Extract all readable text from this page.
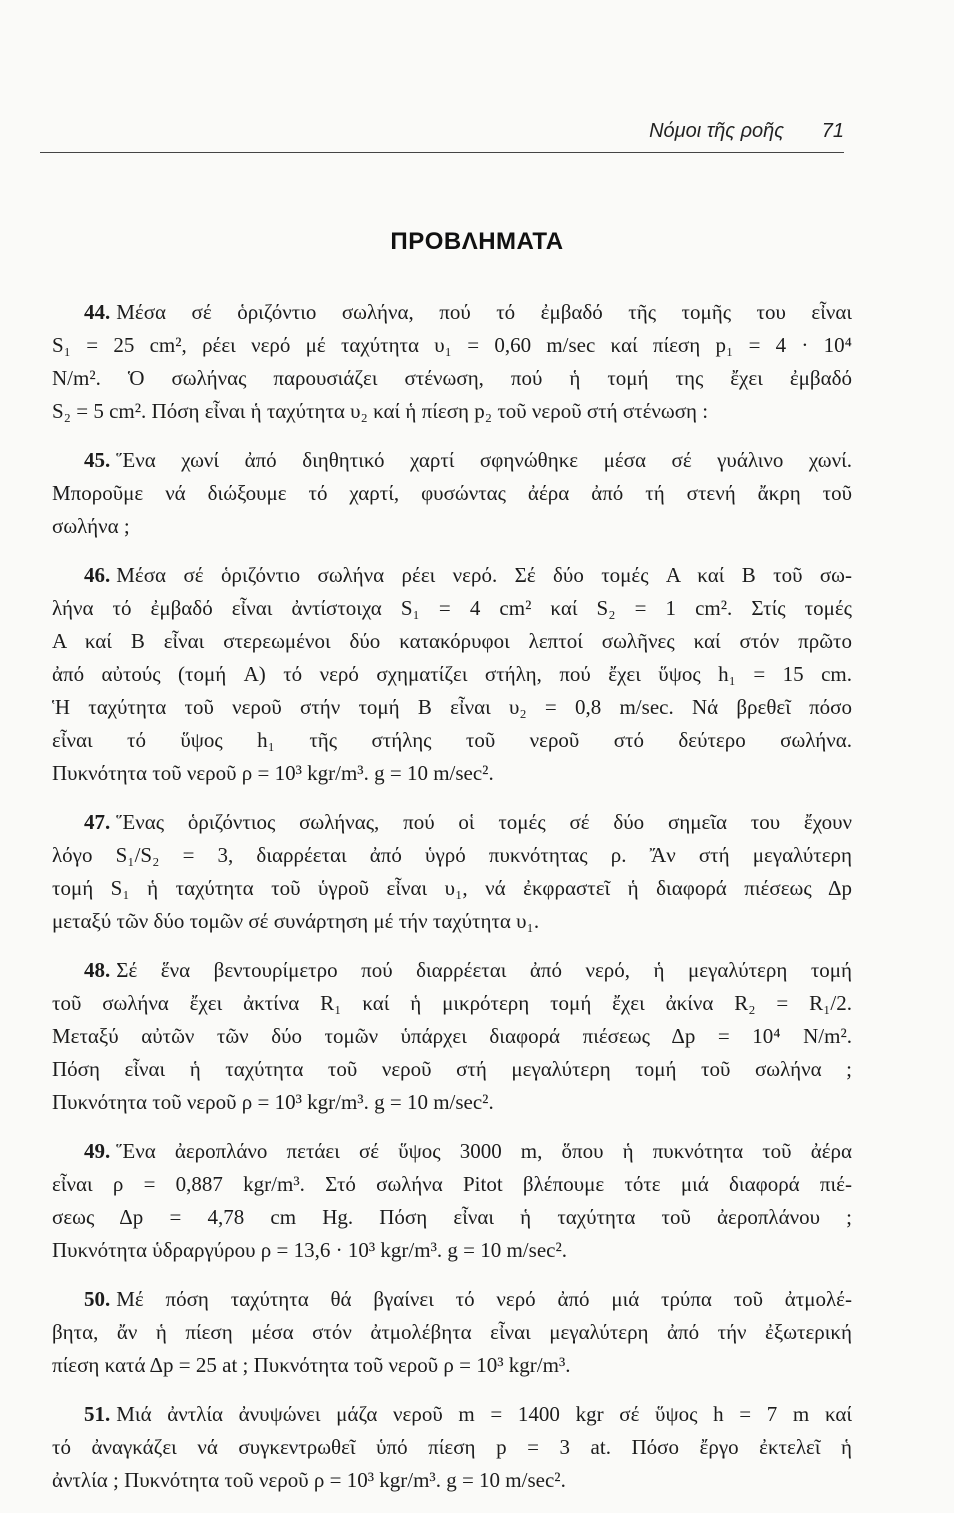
Νόμοι τῆς ροῆς 71
ΠΡΟΒΛΗΜΑΤΑ
44. Μέσα σέ ὁριζόντιο σωλήνα, πού τό ἐμβαδό τῆς τομῆς του εἶναι
S₁ = 25 cm², ρέει νερό μέ ταχύτητα υ₁ = 0,60 m/sec καί πίεση p₁ = 4 · 10⁴
N/m². Ὁ σωλήνας παρουσιάζει στένωση, πού ἡ τομή της ἔχει ἐμβαδό
S₂ = 5 cm². Πόση εἶναι ἡ ταχύτητα υ₂ καί ἡ πίεση p₂ τοῦ νεροῦ στή στένωση :
45. Ἕνα χωνί ἀπό διηθητικό χαρτί σφηνώθηκε μέσα σέ γυάλινο χωνί.
Μποροῦμε νά διώξουμε τό χαρτί, φυσώντας ἀέρα ἀπό τή στενή ἄκρη τοῦ
σωλήνα ;
46. Μέσα σέ ὁριζόντιο σωλήνα ρέει νερό. Σέ δύο τομές A καί B τοῦ σω-
λήνα τό ἐμβαδό εἶναι ἀντίστοιχα S₁ = 4 cm² καί S₂ = 1 cm². Στίς τομές
A καί B εἶναι στερεωμένοι δύο κατακόρυφοι λεπτοί σωλῆνες καί στόν πρῶτο
ἀπό αὐτούς (τομή A) τό νερό σχηματίζει στήλη, πού ἔχει ὕψος h₁ = 15 cm.
Ἡ ταχύτητα τοῦ νεροῦ στήν τομή B εἶναι υ₂ = 0,8 m/sec. Νά βρεθεῖ πόσο
εἶναι τό ὕψος h₁ τῆς στήλης τοῦ νεροῦ στό δεύτερο σωλήνα.
Πυκνότητα τοῦ νεροῦ ρ = 10³ kgr/m³. g = 10 m/sec².
47. Ἕνας ὁριζόντιος σωλήνας, πού οἱ τομές σέ δύο σημεῖα του ἔχουν
λόγο S₁/S₂ = 3, διαρρέεται ἀπό ὑγρό πυκνότητας ρ. Ἄν στή μεγαλύτερη
τομή S₁ ἡ ταχύτητα τοῦ ὑγροῦ εἶναι υ₁, νά ἐκφραστεῖ ἡ διαφορά πιέσεως Δp
μεταξύ τῶν δύο τομῶν σέ συνάρτηση μέ τήν ταχύτητα υ₁.
48. Σέ ἕνα βεντουρίμετρο πού διαρρέεται ἀπό νερό, ἡ μεγαλύτερη τομή
τοῦ σωλήνα ἔχει ἀκτίνα R₁ καί ἡ μικρότερη τομή ἔχει ἀκίνα R₂ = R₁/2.
Μεταξύ αὐτῶν τῶν δύο τομῶν ὑπάρχει διαφορά πιέσεως Δp = 10⁴ N/m².
Πόση εἶναι ἡ ταχύτητα τοῦ νεροῦ στή μεγαλύτερη τομή τοῦ σωλήνα ;
Πυκνότητα τοῦ νεροῦ ρ = 10³ kgr/m³. g = 10 m/sec².
49. Ἕνα ἀεροπλάνο πετάει σέ ὕψος 3000 m, ὅπου ἡ πυκνότητα τοῦ ἀέρα
εἶναι ρ = 0,887 kgr/m³. Στό σωλήνα Pitot βλέπουμε τότε μιά διαφορά πιέ-
σεως Δp = 4,78 cm Hg. Πόση εἶναι ἡ ταχύτητα τοῦ ἀεροπλάνου ;
Πυκνότητα ὑδραργύρου ρ = 13,6 · 10³ kgr/m³. g = 10 m/sec².
50. Μέ πόση ταχύτητα θά βγαίνει τό νερό ἀπό μιά τρύπα τοῦ ἀτμολέ-
βητα, ἄν ἡ πίεση μέσα στόν ἀτμολέβητα εἶναι μεγαλύτερη ἀπό τήν ἐξωτερική
πίεση κατά Δp = 25 at ; Πυκνότητα τοῦ νεροῦ ρ = 10³ kgr/m³.
51. Μιά ἀντλία ἀνυψώνει μάζα νεροῦ m = 1400 kgr σέ ὕψος h = 7 m καί
τό ἀναγκάζει νά συγκεντρωθεῖ ὑπό πίεση p = 3 at. Πόσο ἔργο ἐκτελεῖ ἡ
ἀντλία ; Πυκνότητα τοῦ νεροῦ ρ = 10³ kgr/m³. g = 10 m/sec².
